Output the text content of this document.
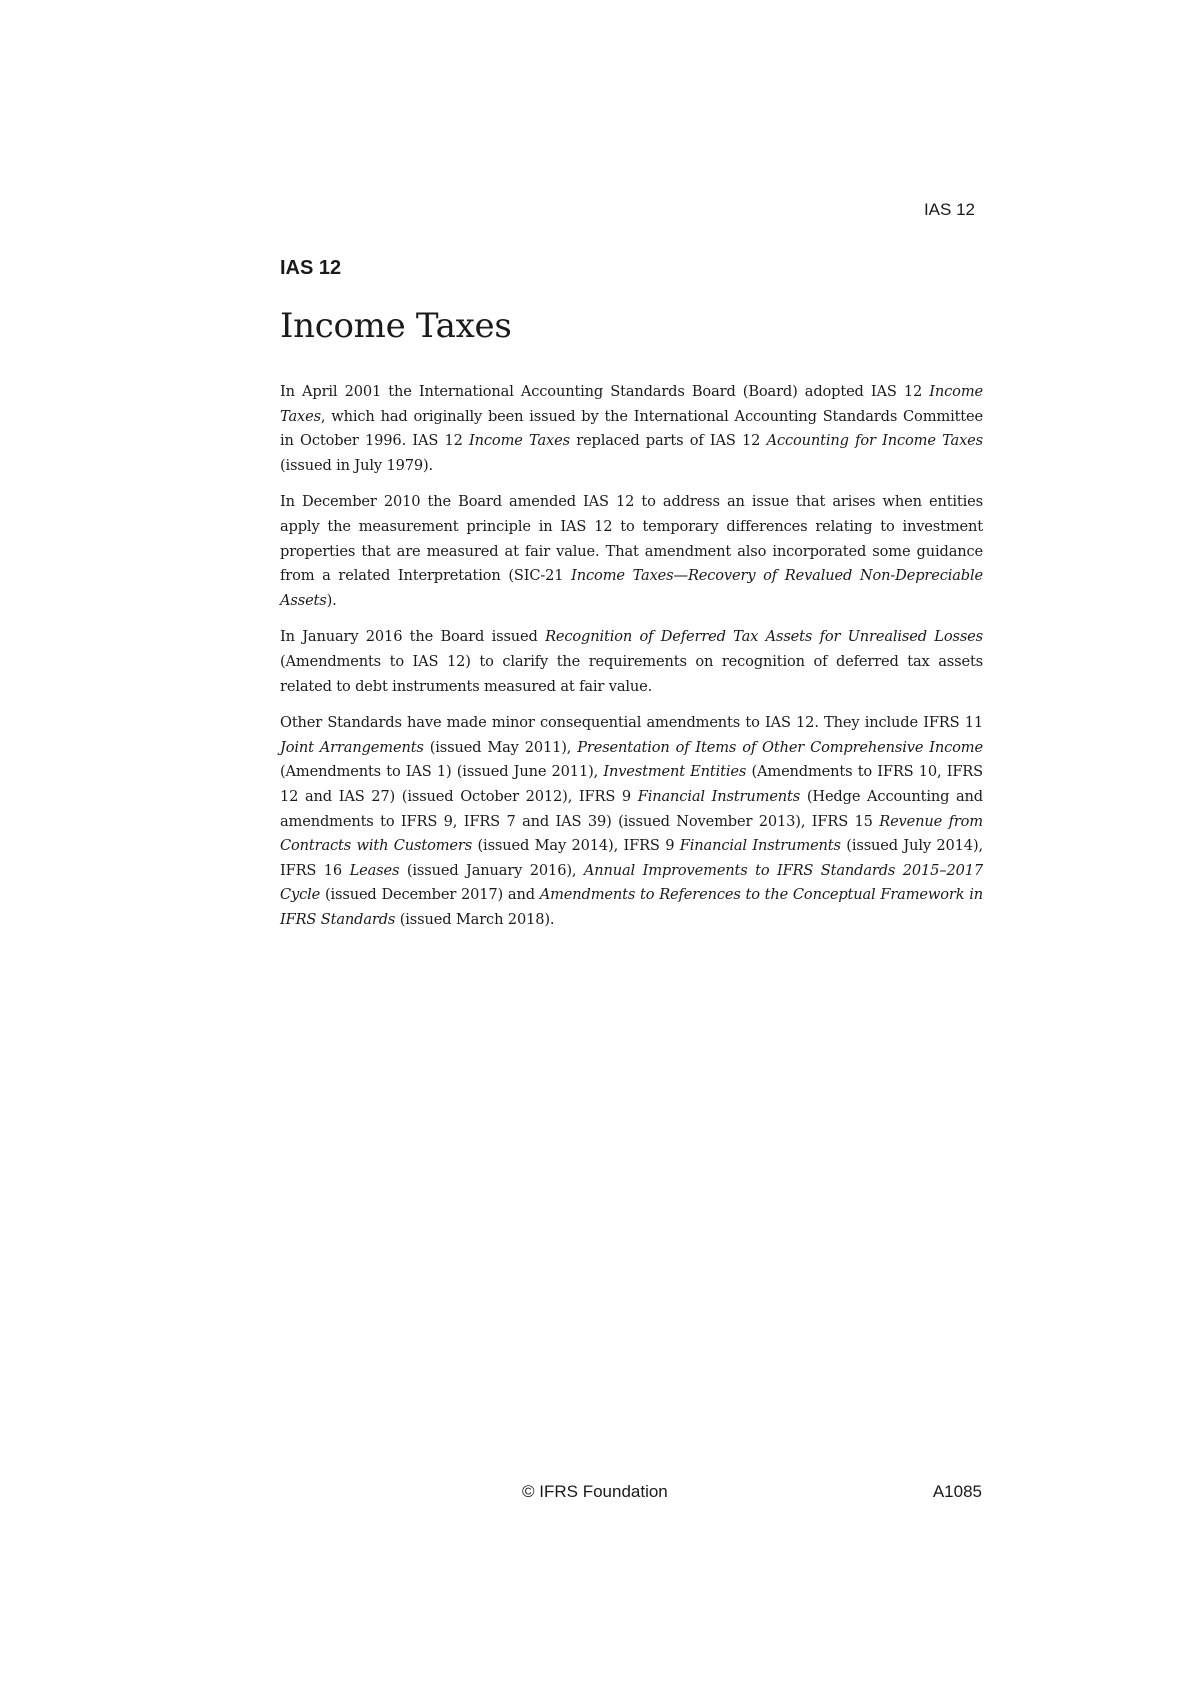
IAS 12
IAS 12
Income Taxes

In April 2001 the International Accounting Standards Board (Board) adopted IAS 12 Income Taxes, which had originally been issued by the International Accounting Standards Committee in October 1996. IAS 12 Income Taxes replaced parts of IAS 12 Accounting for Income Taxes (issued in July 1979).

In December 2010 the Board amended IAS 12 to address an issue that arises when entities apply the measurement principle in IAS 12 to temporary differences relating to investment properties that are measured at fair value. That amendment also incorporated some guidance from a related Interpretation (SIC-21 Income Taxes—Recovery of Revalued Non-Depreciable Assets).

In January 2016 the Board issued Recognition of Deferred Tax Assets for Unrealised Losses (Amendments to IAS 12) to clarify the requirements on recognition of deferred tax assets related to debt instruments measured at fair value.

Other Standards have made minor consequential amendments to IAS 12. They include IFRS 11 Joint Arrangements (issued May 2011), Presentation of Items of Other Comprehensive Income (Amendments to IAS 1) (issued June 2011), Investment Entities (Amendments to IFRS 10, IFRS 12 and IAS 27) (issued October 2012), IFRS 9 Financial Instruments (Hedge Accounting and amendments to IFRS 9, IFRS 7 and IAS 39) (issued November 2013), IFRS 15 Revenue from Contracts with Customers (issued May 2014), IFRS 9 Financial Instruments (issued July 2014), IFRS 16 Leases (issued January 2016), Annual Improvements to IFRS Standards 2015–2017 Cycle (issued December 2017) and Amendments to References to the Conceptual Framework in IFRS Standards (issued March 2018).

© IFRS Foundation	A1085
